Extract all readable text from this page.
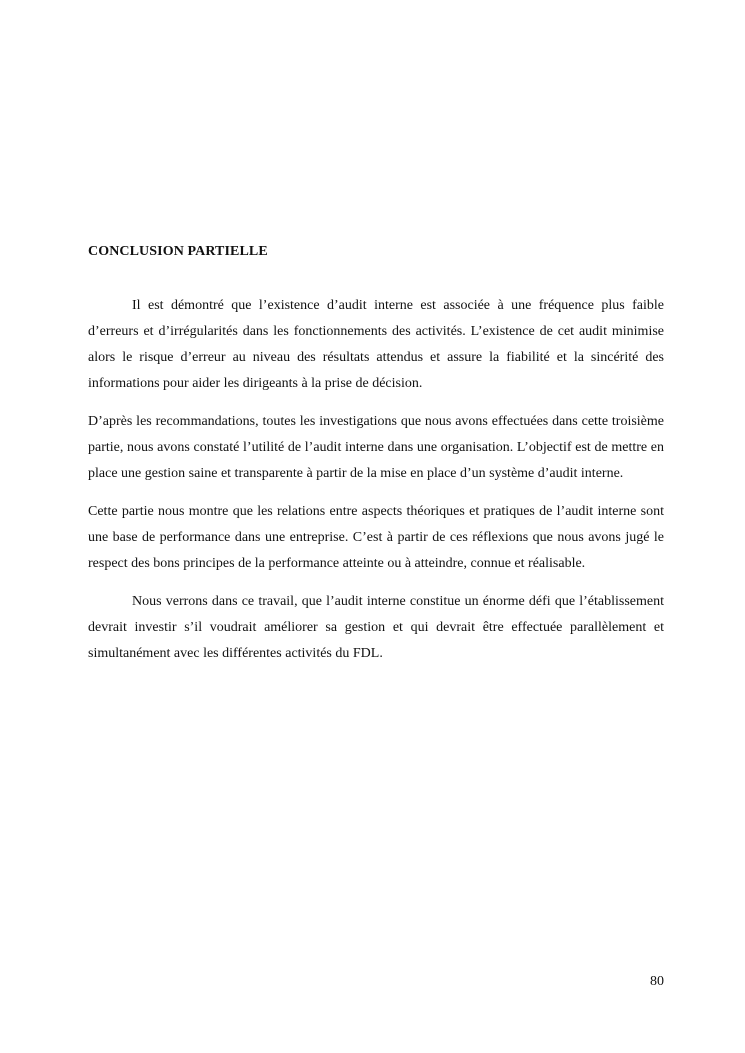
CONCLUSION PARTIELLE

Il est démontré que l’existence d’audit interne est associée à une fréquence plus faible d’erreurs et d’irrégularités dans les fonctionnements des activités. L’existence de cet audit minimise alors le risque d’erreur au niveau des résultats attendus et assure la fiabilité et la sincérité des informations pour aider les dirigeants à la prise de décision.

D’après les recommandations, toutes les investigations que nous avons effectuées dans cette troisième partie, nous avons constaté l’utilité de l’audit interne dans une organisation. L’objectif est de mettre en place une gestion saine et transparente à partir de la mise en place d’un système d’audit interne.

Cette partie nous montre que les relations entre aspects théoriques et pratiques de l’audit interne sont une base de performance dans une entreprise. C’est à partir de ces réflexions que nous avons jugé le respect des bons principes de la performance atteinte ou à atteindre, connue et réalisable.

Nous verrons dans ce travail, que l’audit interne constitue un énorme défi que l’établissement devrait investir s’il voudrait améliorer sa gestion et qui devrait être effectuée parallèlement et simultanément avec les différentes activités du FDL.

80
